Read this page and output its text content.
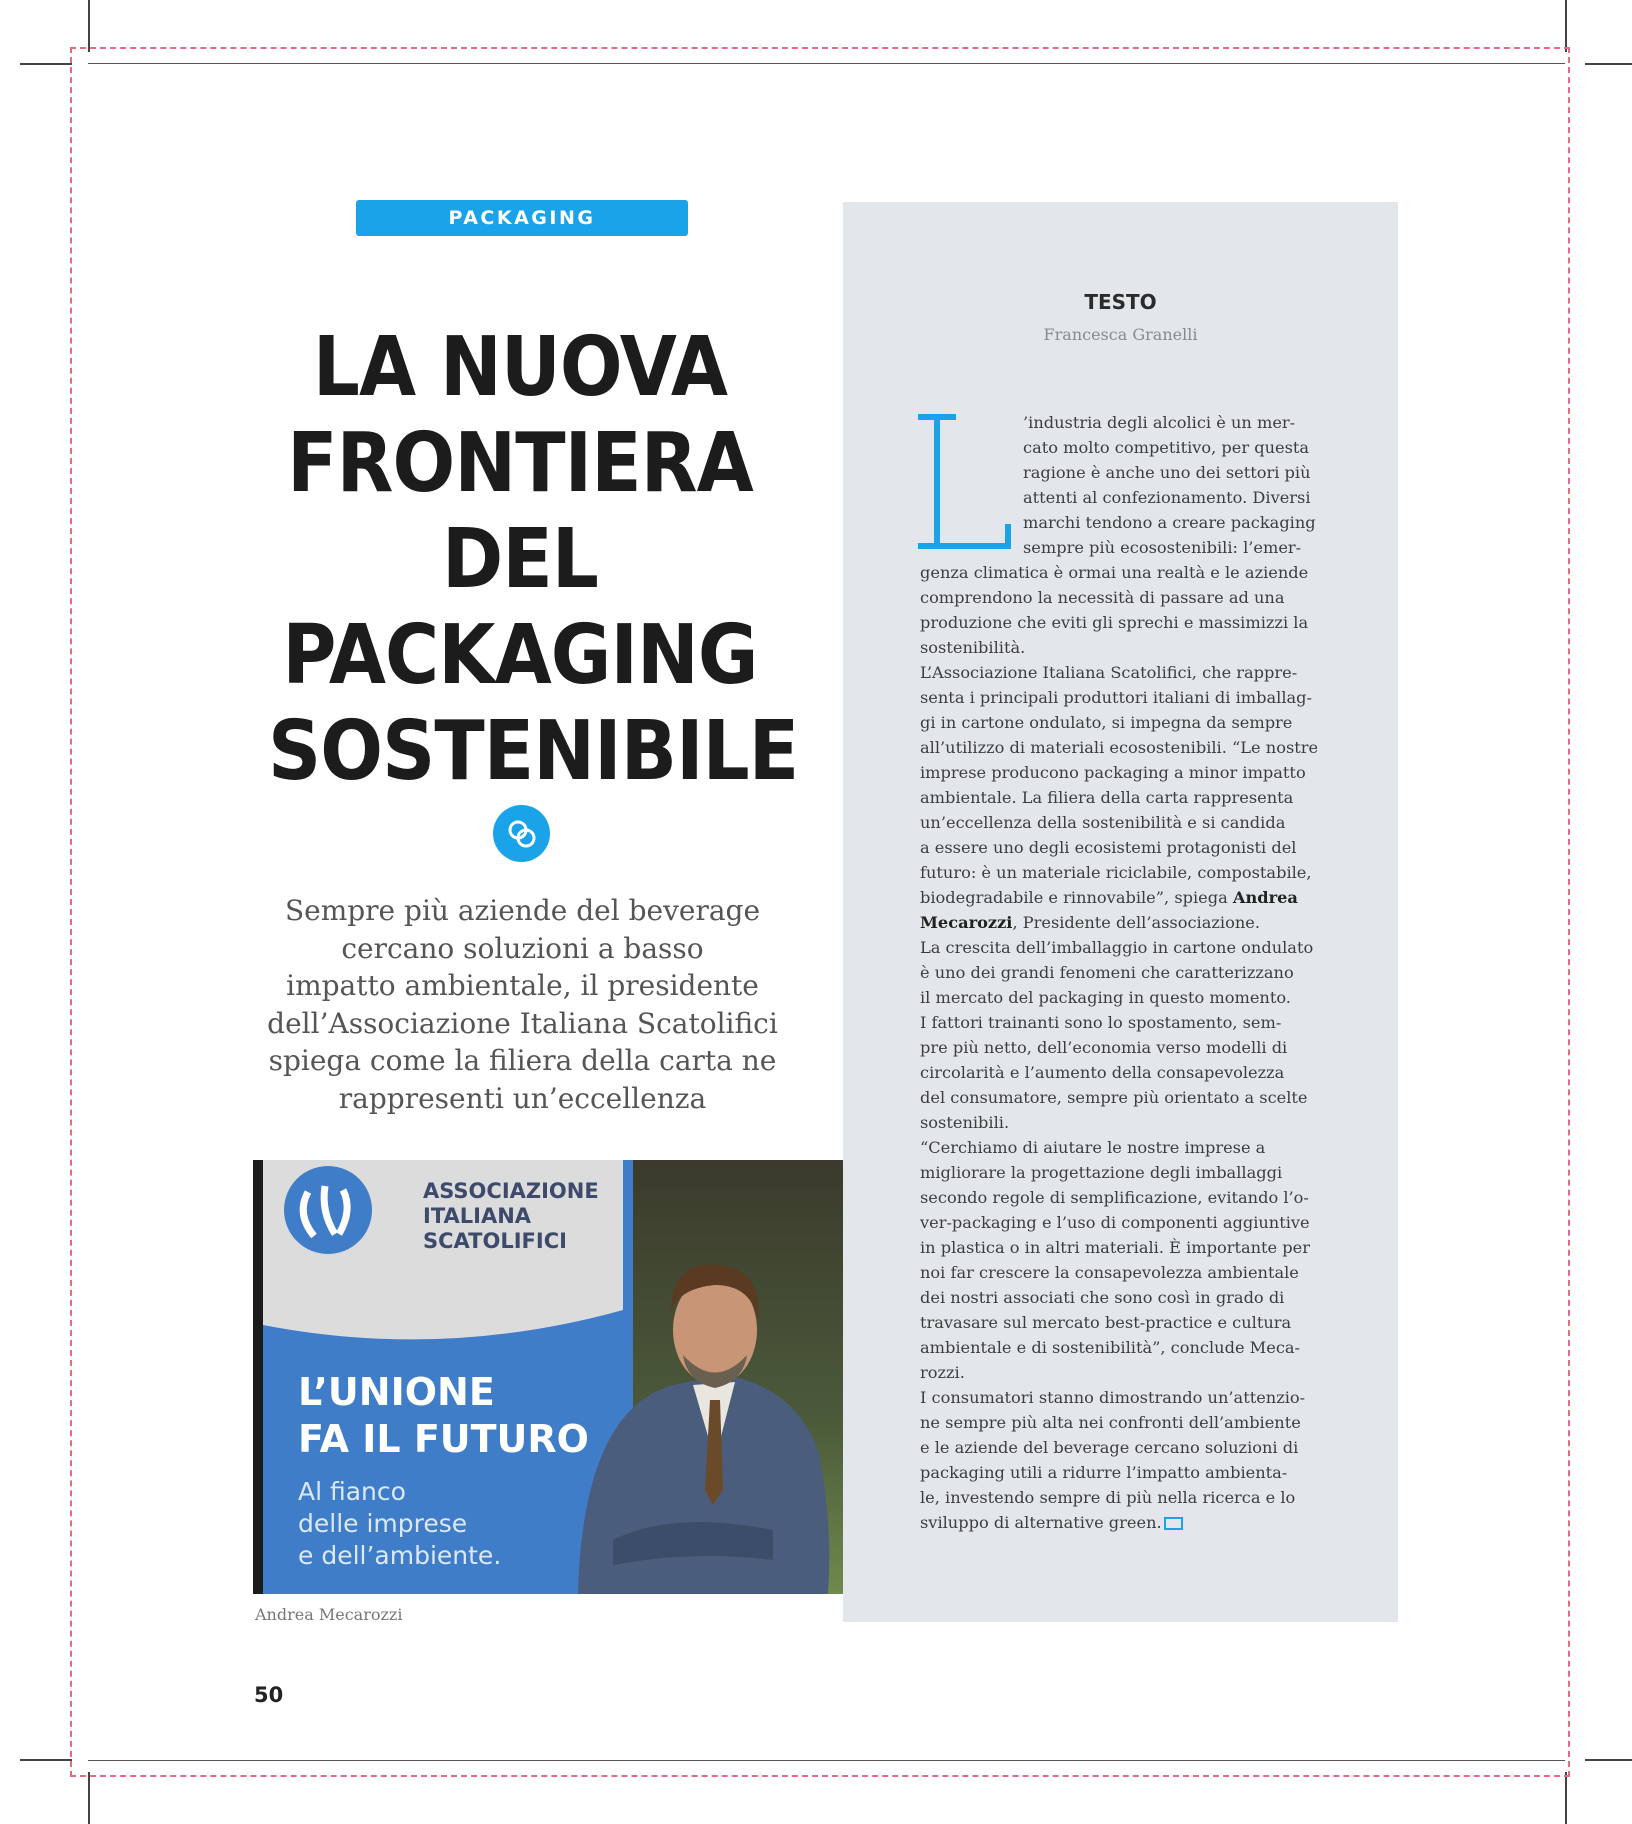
PACKAGING
LA NUOVA
FRONTIERA
DEL
PACKAGING
SOSTENIBILE
Sempre più aziende del beverage
cercano soluzioni a basso
impatto ambientale, il presidente
dell’Associazione Italiana Scatolifici
spiega come la filiera della carta ne
rappresenti un’eccellenza
ASSOCIAZIONE
ITALIANA
SCATOLIFICI
L’UNIONE
FA IL FUTURO
Al fianco
delle imprese
e dell’ambiente.
Andrea Mecarozzi
50
TESTO
Francesca Granelli
’industria degli alcolici è un mer-
cato molto competitivo, per questa
ragione è anche uno dei settori più
attenti al confezionamento. Diversi
marchi tendono a creare packaging
sempre più ecosostenibili: l’emer-
genza climatica è ormai una realtà e le aziende
comprendono la necessità di passare ad una
produzione che eviti gli sprechi e massimizzi la
sostenibilità.
L’Associazione Italiana Scatolifici, che rappre-
senta i principali produttori italiani di imballag-
gi in cartone ondulato, si impegna da sempre
all’utilizzo di materiali ecosostenibili. “Le nostre
imprese producono packaging a minor impatto
ambientale. La filiera della carta rappresenta
un’eccellenza della sostenibilità e si candida
a essere uno degli ecosistemi protagonisti del
futuro: è un materiale riciclabile, compostabile,
biodegradabile e rinnovabile”, spiega Andrea
Mecarozzi, Presidente dell’associazione.
La crescita dell’imballaggio in cartone ondulato
è uno dei grandi fenomeni che caratterizzano
il mercato del packaging in questo momento.
I fattori trainanti sono lo spostamento, sem-
pre più netto, dell’economia verso modelli di
circolarità e l’aumento della consapevolezza
del consumatore, sempre più orientato a scelte
sostenibili.
“Cerchiamo di aiutare le nostre imprese a
migliorare la progettazione degli imballaggi
secondo regole di semplificazione, evitando l’o-
ver-packaging e l’uso di componenti aggiuntive
in plastica o in altri materiali. È importante per
noi far crescere la consapevolezza ambientale
dei nostri associati che sono così in grado di
travasare sul mercato best-practice e cultura
ambientale e di sostenibilità”, conclude Meca-
rozzi.
I consumatori stanno dimostrando un’attenzio-
ne sempre più alta nei confronti dell’ambiente
e le aziende del beverage cercano soluzioni di
packaging utili a ridurre l’impatto ambienta-
le, investendo sempre di più nella ricerca e lo
sviluppo di alternative green.
